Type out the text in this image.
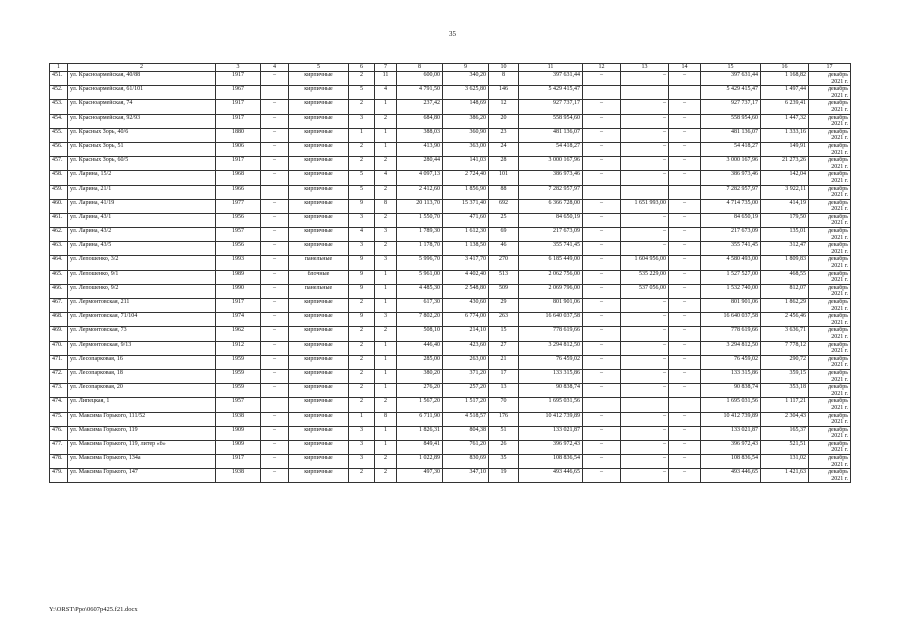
35
1	2	3	4	5	6	7	8	9	10	11	12	13	14	15	16	17
451.	ул. Красноармейская, 40/88	1917	–	кирпичные	2	11	600,00	340,20	8	397 631,44	–	–	–	397 631,44	1 168,82	декабрь
2021 г.
452.	ул. Красноармейская, 61/101	1967		кирпичные	5	4	4 791,50	3 625,80	146	5 429 415,47				5 429 415,47	1 497,44	декабрь
2021 г.
453.	ул. Красноармейская, 74	1917	–	кирпичные	2	1	237,42	148,69	12	927 737,17	–	–	–	927 737,17	6 239,41	декабрь
2021 г.
454.	ул. Красноармейская, 92/93	1917	–	кирпичные	3	2	684,80	386,20	20	558 954,60	–	–	–	558 954,60	1 447,32	декабрь
2021 г.
455.	ул. Красных Зорь, 40/6	1880	–	кирпичные	1	1	388,03	360,90	23	481 136,07	–	–	–	481 136,07	1 333,16	декабрь
2021 г.
456.	ул. Красных Зорь, 51	1906	–	кирпичные	2	1	413,90	363,00	24	54 418,27	–	–	–	54 418,27	149,91	декабрь
2021 г.
457.	ул. Красных Зорь, 60/5	1917	–	кирпичные	2	2	280,44	141,03	28	3 000 167,96	–	–	–	3 000 167,96	21 273,26	декабрь
2021 г.
458.	ул. Ларина, 15/2	1968	–	кирпичные	5	4	4 097,13	2 724,40	101	386 973,46	–	–	–	386 973,46	142,04	декабрь
2021 г.
459.	ул. Ларина, 21/1	1966		кирпичные	5	2	2 412,60	1 856,90	88	7 282 957,97				7 282 957,97	3 922,11	декабрь
2021 г.
460.	ул. Ларина, 41/19	1977	–	кирпичные	9	8	20 113,70	15 371,40	692	6 366 728,00	–	1 651 993,00	–	4 714 735,00	414,19	декабрь
2021 г.
461.	ул. Ларина, 43/1	1956	–	кирпичные	3	2	1 550,70	471,60	25	84 650,19	–	–	–	84 650,19	179,50	декабрь
2021 г.
462.	ул. Ларина, 43/2	1957	–	кирпичные	4	3	1 789,30	1 612,30	69	217 673,09	–	–	–	217 673,09	135,01	декабрь
2021 г.
463.	ул. Ларина, 43/5	1956	–	кирпичные	3	2	1 178,70	1 138,50	46	355 741,45	–	–	–	355 741,45	312,47	декабрь
2021 г.
464.	ул. Лепошенко, 3/2	1993	–	панельные	9	3	5 996,70	3 417,70	270	6 185 449,00	–	1 604 956,00	–	4 580 493,00	1 809,83	декабрь
2021 г.
465.	ул. Лепошенко, 9/1	1989	–	блочные	9	1	5 961,00	4 402,40	513	2 062 756,00	–	535 229,00	–	1 527 527,00	468,55	декабрь
2021 г.
466.	ул. Лепошенко, 9/2	1990	–	панельные	9	1	4 485,30	2 548,80	509	2 069 796,00	–	537 056,00	–	1 532 740,00	812,07	декабрь
2021 г.
467.	ул. Лермонтовская, 211	1917	–	кирпичные	2	1	617,30	430,60	29	801 901,06	–	–	–	801 901,06	1 862,29	декабрь
2021 г.
468.	ул. Лермонтовская, 71/104	1974	–	кирпичные	9	3	7 802,20	6 774,00	263	16 640 037,58	–	–	–	16 640 037,58	2 456,46	декабрь
2021 г.
469.	ул. Лермонтовская, 73	1962	–	кирпичные	2	2	508,10	214,10	15	778 619,66	–	–	–	778 619,66	3 636,71	декабрь
2021 г.
470.	ул. Лермонтовская, 9/13	1912	–	кирпичные	2	1	446,40	423,60	27	3 294 812,50	–	–	–	3 294 812,50	7 778,12	декабрь
2021 г.
471.	ул. Лесопарковая, 16	1959	–	кирпичные	2	1	285,00	263,00	21	76 459,02	–	–	–	76 459,02	290,72	декабрь
2021 г.
472.	ул. Лесопарковая, 18	1959	–	кирпичные	2	1	380,20	371,20	17	133 315,86	–	–	–	133 315,86	359,15	декабрь
2021 г.
473.	ул. Лесопарковая, 20	1959	–	кирпичные	2	1	276,20	257,20	13	90 838,74	–	–	–	90 838,74	353,18	декабрь
2021 г.
474.	ул. Липецкая, 1	1957		кирпичные	2	2	1 567,20	1 517,20	70	1 695 031,56				1 695 031,56	1 117,21	декабрь
2021 г.
475.	ул. Максима Горького, 111/52	1938	–	кирпичные	1	8	6 711,90	4 518,57	176	10 412 739,89	–	–	–	10 412 739,89	2 304,43	декабрь
2021 г.
476.	ул. Максима Горького, 119	1909	–	кирпичные	3	1	1 826,31	804,38	51	133 021,87	–	–	–	133 021,87	165,37	декабрь
2021 г.
477.	ул. Максима Горького, 119, литер «б»	1909	–	кирпичные	3	1	849,41	761,20	26	396 972,43	–	–	–	396 972,43	521,51	декабрь
2021 г.
478.	ул. Максима Горького, 134а	1917	–	кирпичные	3	2	1 022,89	830,69	35	108 836,54	–	–	–	108 836,54	131,02	декабрь
2021 г.
479.	ул. Максима Горького, 147	1938	–	кирпичные	2	2	497,30	347,10	19	493 446,65	–	–	–	493 446,65	1 421,63	декабрь
2021 г.
Y:\ORST\Ppo\0607p425.f21.docx
